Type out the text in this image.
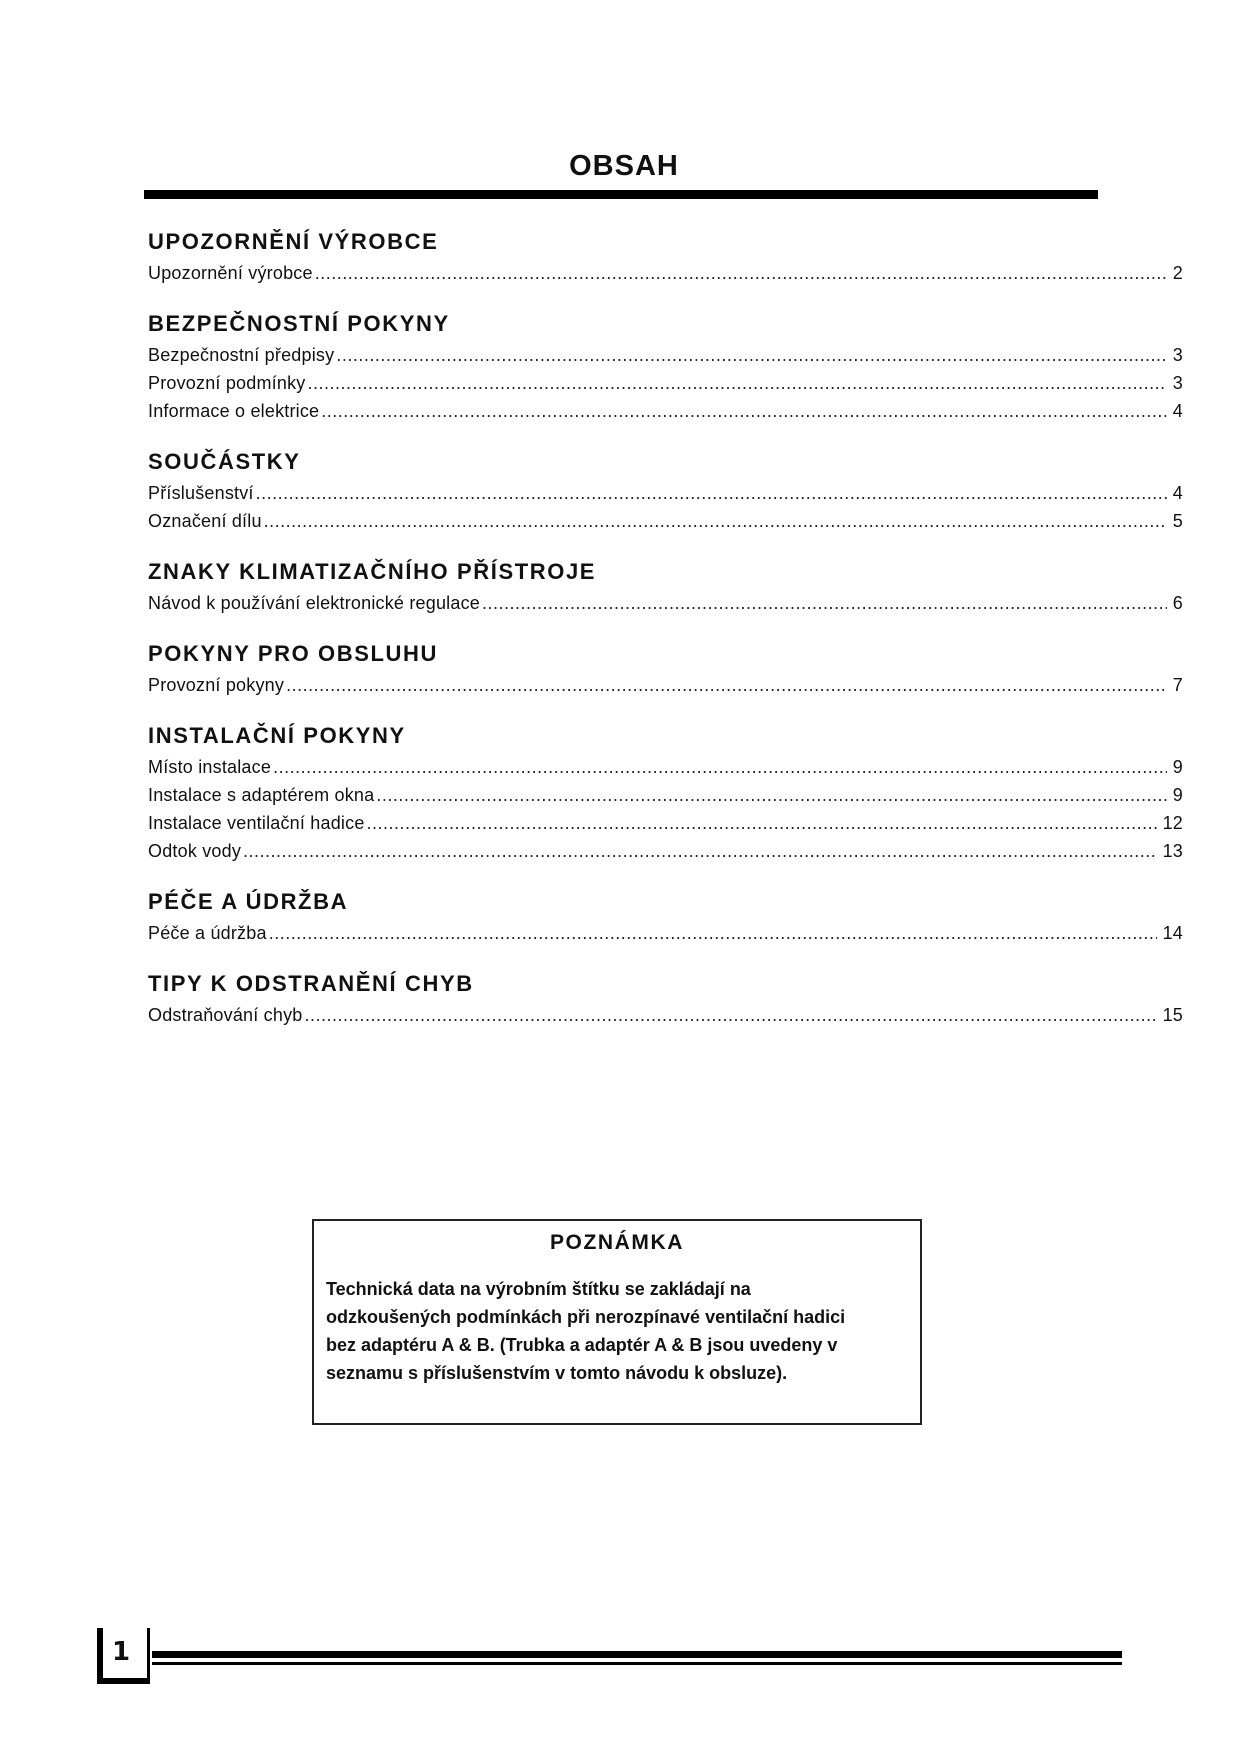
OBSAH
UPOZORNĚNÍ VÝROBCE
Upozornění výrobce .....	2
BEZPEČNOSTNÍ POKYNY
Bezpečnostní předpisy .....	3
Provozní podmínky .....	3
Informace o elektrice .....	4
SOUČÁSTKY
Příslušenství .....	4
Označení dílu .....	5
ZNAKY KLIMATIZAČNÍHO PŘÍSTROJE
Návod k používání elektronické regulace .....	6
POKYNY PRO OBSLUHU
Provozní pokyny .....	7
INSTALAČNÍ POKYNY
Místo instalace .....	9
Instalace s adaptérem okna .....	9
Instalace ventilační hadice .....	12
Odtok vody .....	13
PÉČE A ÚDRŽBA
Péče a údržba .....	14
TIPY K ODSTRANĚNÍ CHYB
Odstraňování chyb .....	15
POZNÁMKA
Technická data na výrobním štítku se zakládají na
odzkoušených podmínkách při nerozpínavé ventilační hadici
bez adaptéru A & B. (Trubka a adaptér A & B jsou uvedeny v
seznamu s příslušenstvím v tomto návodu k obsluze).
1
